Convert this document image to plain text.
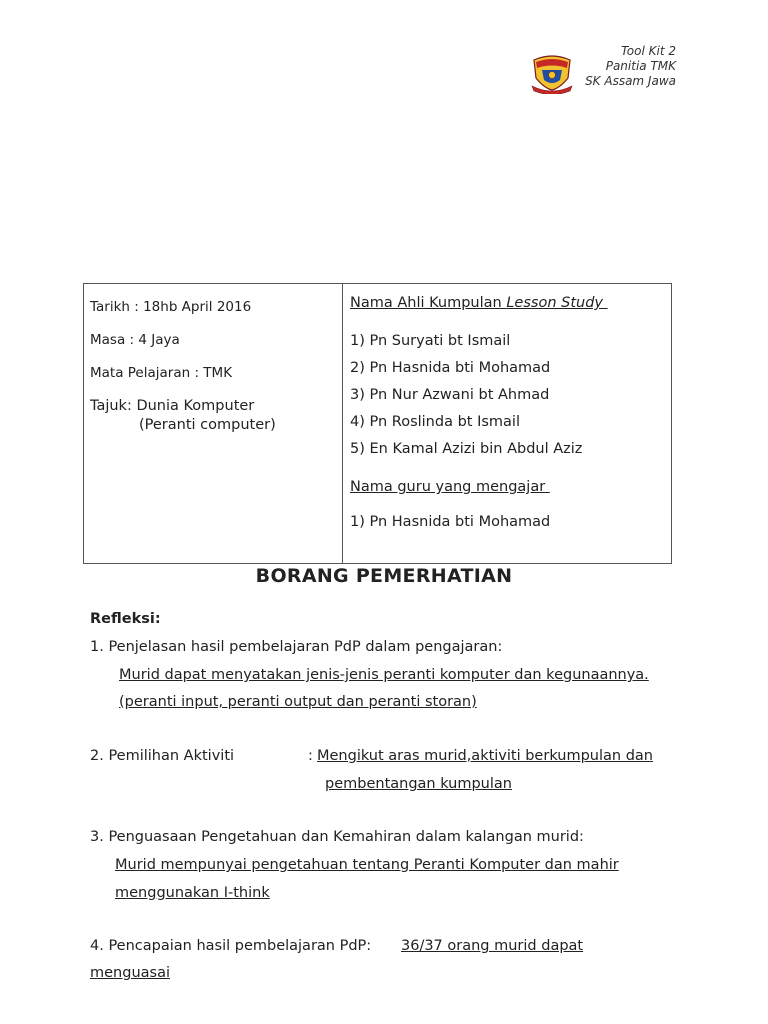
Tool Kit 2
Panitia TMK
SK Assam Jawa
Tarikh : 18hb April 2016
Masa : 4 Jaya
Mata Pelajaran : TMK
Tajuk: Dunia Komputer
(Peranti computer)
Nama Ahli Kumpulan Lesson Study
1) Pn Suryati bt Ismail
2) Pn Hasnida bti Mohamad
3) Pn Nur Azwani bt Ahmad
4) Pn Roslinda bt Ismail
5) En Kamal Azizi bin Abdul Aziz
Nama guru yang mengajar
1) Pn Hasnida bti Mohamad
BORANG PEMERHATIAN
Refleksi:
1. Penjelasan hasil pembelajaran PdP dalam pengajaran:
Murid dapat menyatakan jenis-jenis peranti komputer dan kegunaannya.
(peranti input, peranti output dan peranti storan)
2. Pemilihan Aktiviti	: Mengikut aras murid,aktiviti berkumpulan dan
pembentangan kumpulan
3. Penguasaan Pengetahuan dan Kemahiran dalam kalangan murid:
Murid mempunyai pengetahuan tentang Peranti Komputer dan mahir
menggunakan I-think
4. Pencapaian hasil pembelajaran PdP: 36/37 orang murid dapat
menguasai
